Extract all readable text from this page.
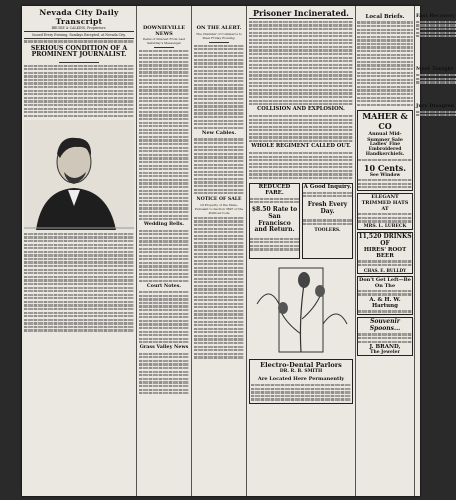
Nevada City Daily Transcript
BRUSIE & CALKINS, Proprietors.
Issued Every Evening, Sundays Excepted, at Nevada City.
SERIOUS CONDITION OF A PROMINENT JOURNALIST.
DOWNIEVILLE NEWS
Items of Interest From Last Saturday's Messenger
Wedding Bells.
Court Notes.
Grass Valley News
ON THE ALERT.
The Chamber of Commerce to Meet Friday Evening.
New Cables.
NOTICE OF SALE
Of Property of the State, Pursuant to Section 3897 of the Political Code
Prisoner Incinerated.
COLLISION AND EXPLOSION.
WHOLE REGIMENT CALLED OUT.
REDUCED FARE.
$8.50 Rate to San Francisco and Return.
A Good Inquiry.
Fresh Every Day.
TOOLERS.
Electro-Dental Parlors
DR. R. B. SMITH
Are Located Here Permanently
Local Briefs.
MAHER & CO
Annual Mid-Summer Sale
Ladies' Fine Embroidered Handkerchiefs.
10 Cents.
See Window
ELEGANT TRIMMED HATS AT
MRS. L. LUBECK
11,520 DRINKS OF
HIRES' ROOT BEER
CHAS. E. BULLDY
Don't Get Left—Be On The
A. & H. W. Hartung
Souvenir Spoons...
J. BRAND,
The Jeweler
Fast Recovery
Meet Tonight
Jury Disagree
